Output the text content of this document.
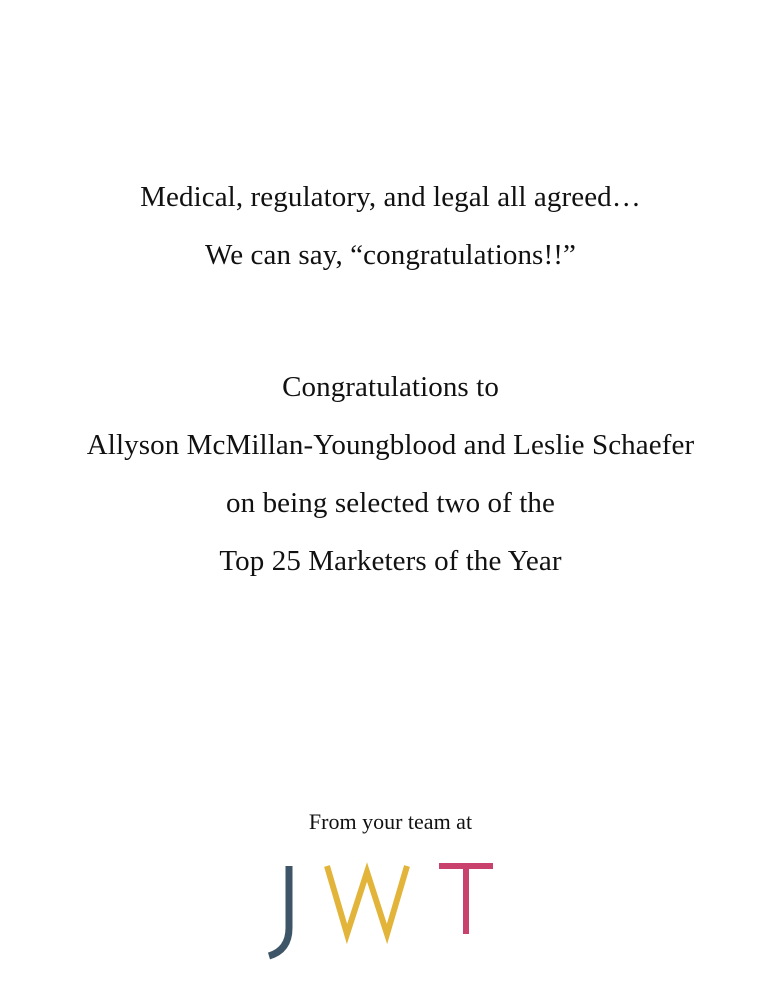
Medical, regulatory, and legal all agreed…
We can say, “congratulations!!”
Congratulations to
Allyson McMillan-Youngblood and Leslie Schaefer
on being selected two of the
Top 25 Marketers of the Year
From your team at
